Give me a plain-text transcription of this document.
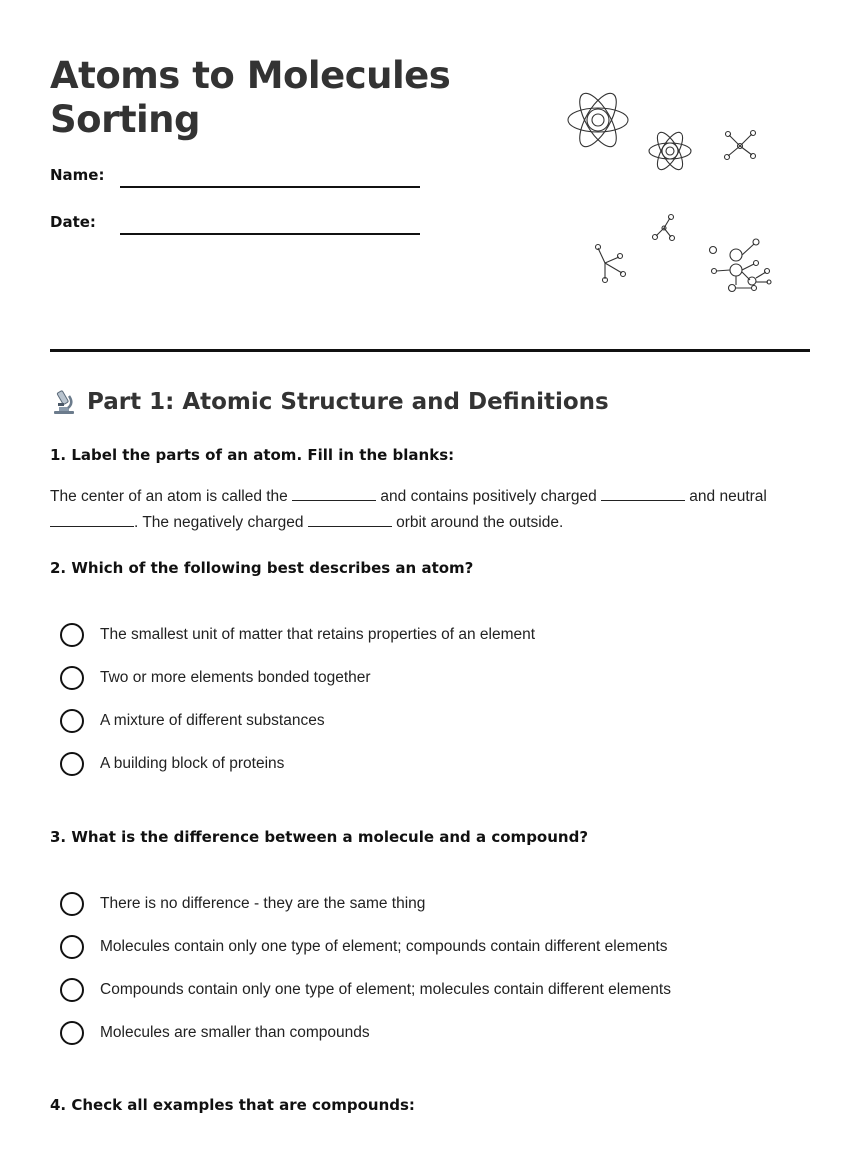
Atoms to Molecules
Sorting
Name:
Date:
Part 1: Atomic Structure and Definitions

1. Label the parts of an atom. Fill in the blanks:

The center of an atom is called the	and contains positively charged	and neutral . The negatively charged	orbit around the outside.

2. Which of the following best describes an atom?

The smallest unit of matter that retains properties of an element
Two or more elements bonded together
A mixture of different substances
A building block of proteins

3. What is the difference between a molecule and a compound?

There is no difference - they are the same thing
Molecules contain only one type of element; compounds contain different elements
Compounds contain only one type of element; molecules contain different elements
Molecules are smaller than compounds

4. Check all examples that are compounds:
